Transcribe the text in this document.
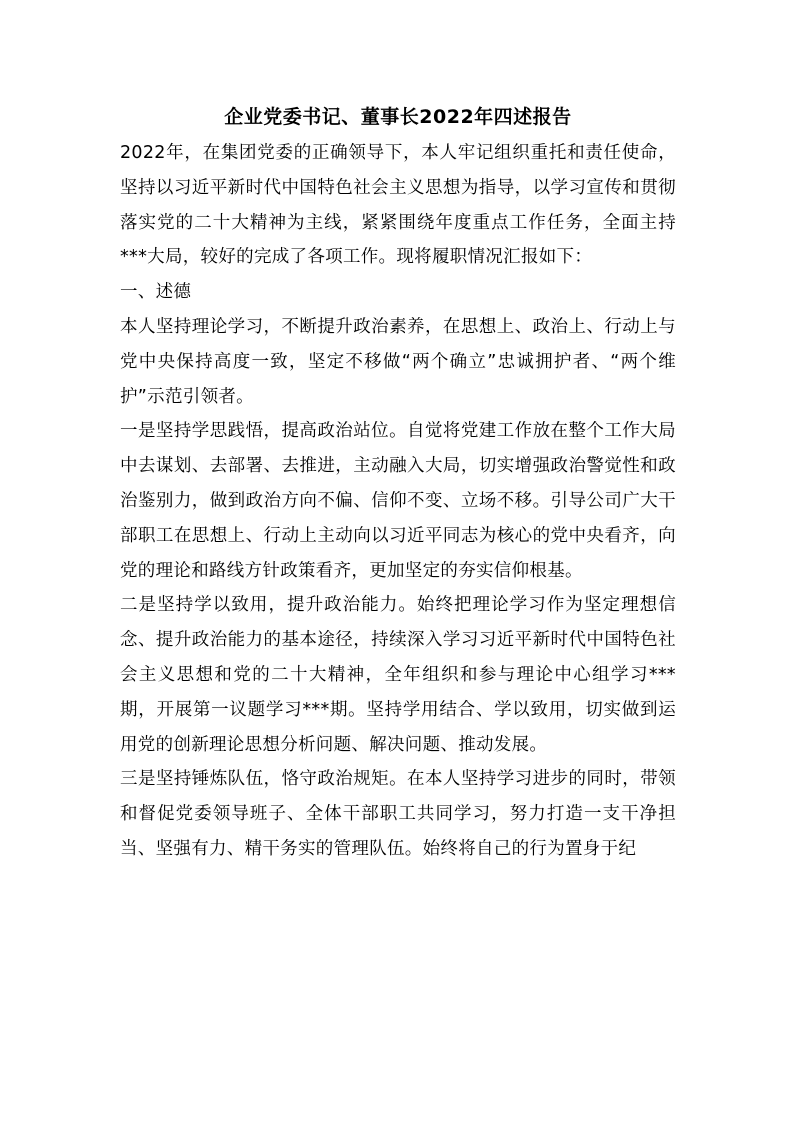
企业党委书记、董事长2022年四述报告

2022年，在集团党委的正确领导下，本人牢记组织重托和责任使命，坚持以习近平新时代中国特色社会主义思想为指导，以学习宣传和贯彻落实党的二十大精神为主线，紧紧围绕年度重点工作任务，全面主持***大局，较好的完成了各项工作。现将履职情况汇报如下：

一、述德

本人坚持理论学习，不断提升政治素养，在思想上、政治上、行动上与党中央保持高度一致，坚定不移做“两个确立”忠诚拥护者、“两个维护”示范引领者。

一是坚持学思践悟，提高政治站位。自觉将党建工作放在整个工作大局中去谋划、去部署、去推进，主动融入大局，切实增强政治警觉性和政治鉴别力，做到政治方向不偏、信仰不变、立场不移。引导公司广大干部职工在思想上、行动上主动向以习近平同志为核心的党中央看齐，向党的理论和路线方针政策看齐，更加坚定的夯实信仰根基。

二是坚持学以致用，提升政治能力。始终把理论学习作为坚定理想信念、提升政治能力的基本途径，持续深入学习习近平新时代中国特色社会主义思想和党的二十大精神，全年组织和参与理论中心组学习***期，开展第一议题学习***期。坚持学用结合、学以致用，切实做到运用党的创新理论思想分析问题、解决问题、推动发展。

三是坚持锤炼队伍，恪守政治规矩。在本人坚持学习进步的同时，带领和督促党委领导班子、全体干部职工共同学习，努力打造一支干净担当、坚强有力、精干务实的管理队伍。始终将自己的行为置身于纪
